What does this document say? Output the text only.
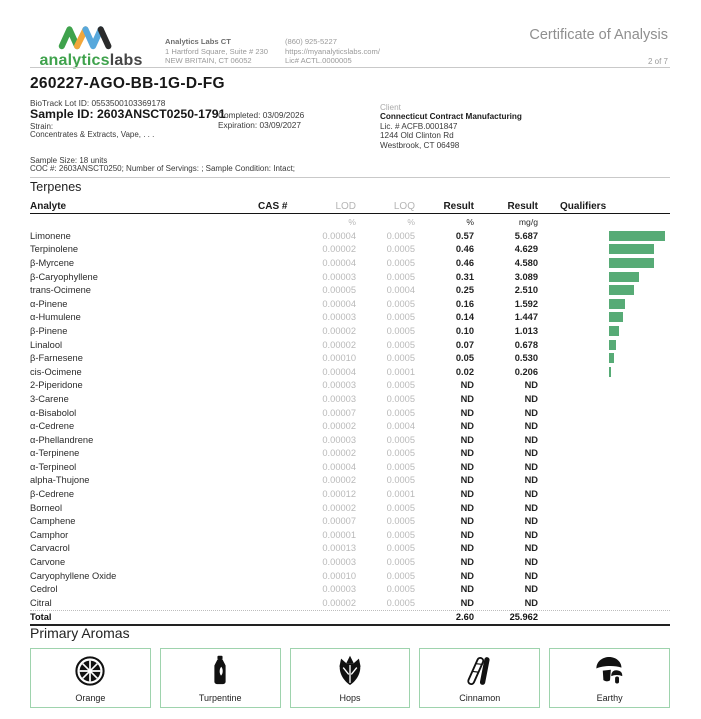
analyticslabs
Analytics Labs CT
1 Hartford Square, Suite # 230
NEW BRITAIN, CT 06052
(860) 925-5227
https://myanalyticslabs.com/
Lic# ACTL.0000005
Certificate of Analysis
2 of 7
260227-AGO-BB-1G-D-FG
BioTrack Lot ID: 0553500103369178
Sample ID: 2603ANSCT0250-1791
Completed: 03/09/2026
Expiration: 03/09/2027
Strain:
Concentrates & Extracts, Vape, . . .
Client
Connecticut Contract Manufacturing
Lic. # ACFB.0001847
1244 Old Clinton Rd
Westbrook, CT 06498
Sample Size: 18 units
COC #: 2603ANSCT0250; Number of Servings: ; Sample Condition: Intact;
Terpenes
Analyte	CAS #	LOD	LOQ	Result	Result	Qualifiers
%	%	%	mg/g
Limonene	0.00004	0.0005	0.57	5.687
Terpinolene	0.00002	0.0005	0.46	4.629
β-Myrcene	0.00004	0.0005	0.46	4.580
β-Caryophyllene	0.00003	0.0005	0.31	3.089
trans-Ocimene	0.00005	0.0004	0.25	2.510
α-Pinene	0.00004	0.0005	0.16	1.592
α-Humulene	0.00003	0.0005	0.14	1.447
β-Pinene	0.00002	0.0005	0.10	1.013
Linalool	0.00002	0.0005	0.07	0.678
β-Farnesene	0.00010	0.0005	0.05	0.530
cis-Ocimene	0.00004	0.0001	0.02	0.206
2-Piperidone	0.00003	0.0005	ND	ND
3-Carene	0.00003	0.0005	ND	ND
α-Bisabolol	0.00007	0.0005	ND	ND
α-Cedrene	0.00002	0.0004	ND	ND
α-Phellandrene	0.00003	0.0005	ND	ND
α-Terpinene	0.00002	0.0005	ND	ND
α-Terpineol	0.00004	0.0005	ND	ND
alpha-Thujone	0.00002	0.0005	ND	ND
β-Cedrene	0.00012	0.0001	ND	ND
Borneol	0.00002	0.0005	ND	ND
Camphene	0.00007	0.0005	ND	ND
Camphor	0.00001	0.0005	ND	ND
Carvacrol	0.00013	0.0005	ND	ND
Carvone	0.00003	0.0005	ND	ND
Caryophyllene Oxide	0.00010	0.0005	ND	ND
Cedrol	0.00003	0.0005	ND	ND
Citral	0.00002	0.0005	ND	ND
Total	2.60	25.962
Primary Aromas
Orange	Turpentine	Hops	Cinnamon	Earthy
